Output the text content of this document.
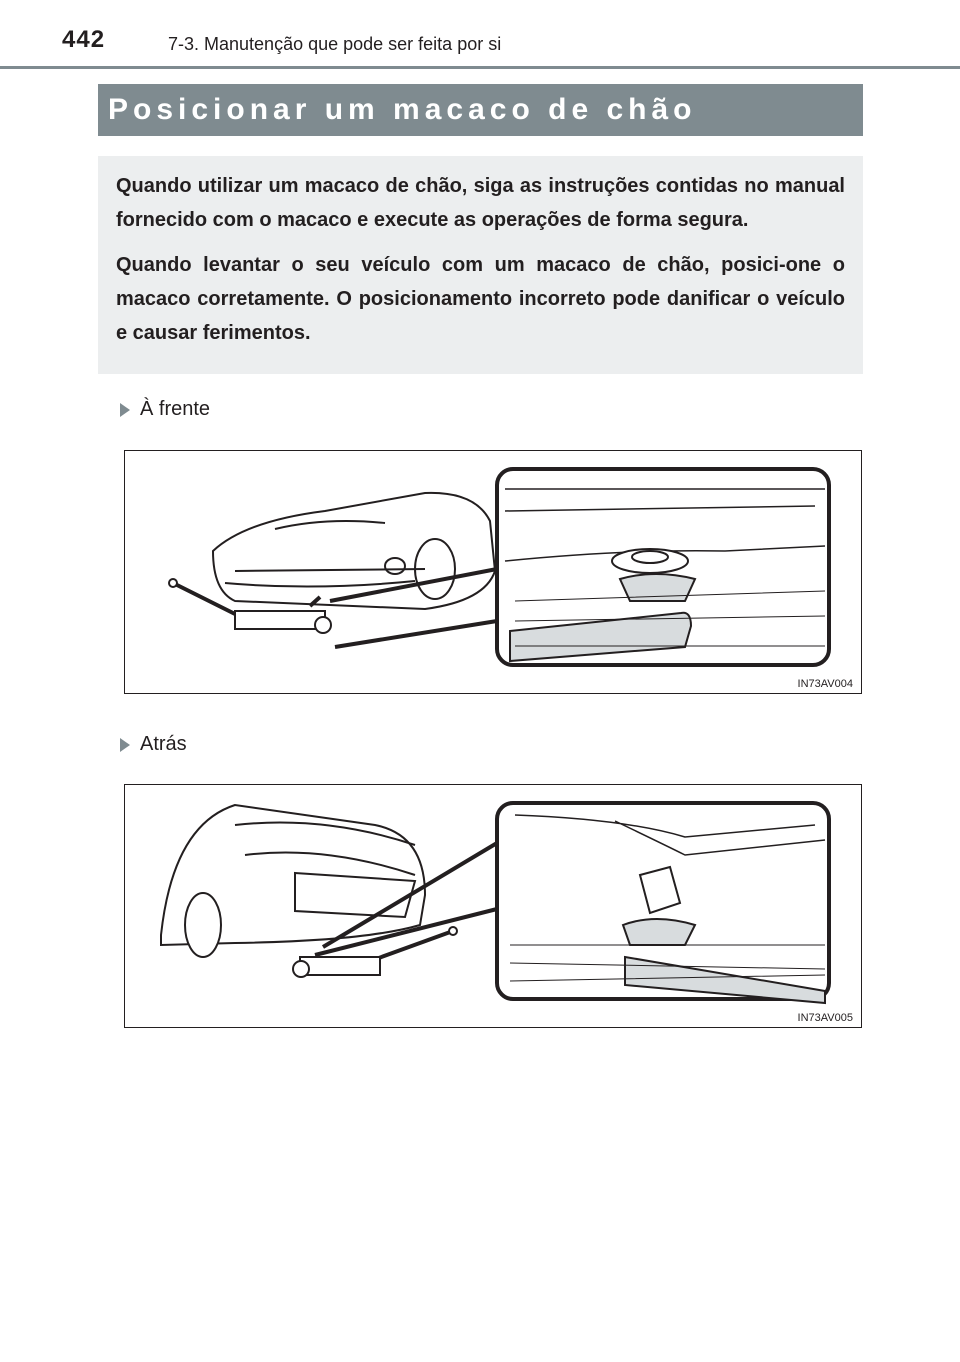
442	7-3. Manutenção que pode ser feita por si
Posicionar um macaco de chão

Quando utilizar um macaco de chão, siga as instruções contidas no manual fornecido com o macaco e execute as operações de forma segura.

Quando levantar o seu veículo com um macaco de chão, posici-one o macaco corretamente. O posicionamento incorreto pode danificar o veículo e causar ferimentos.

À frente
IN73AV004
Atrás
IN73AV005
